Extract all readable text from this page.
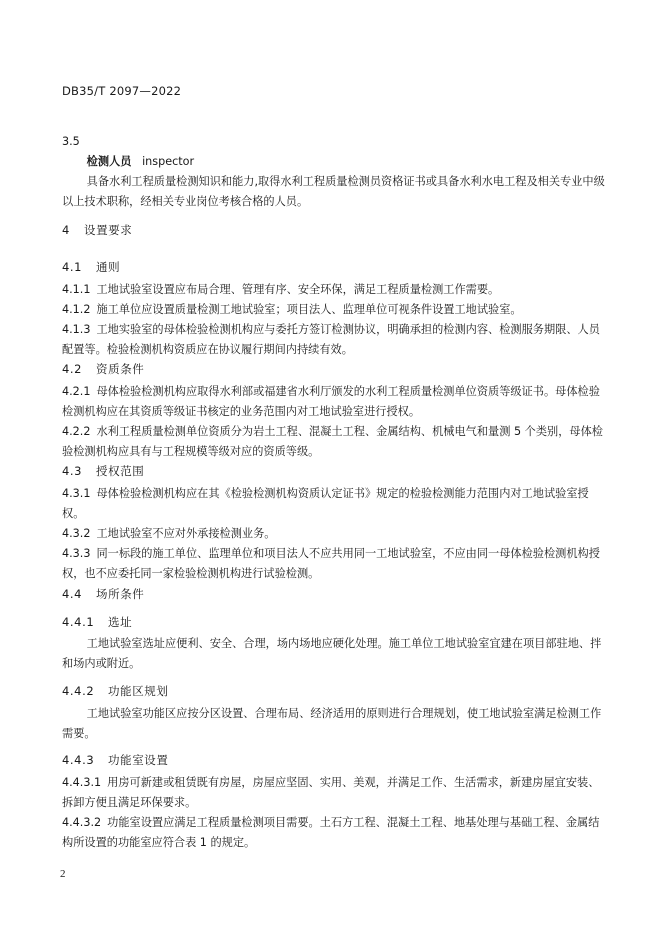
DB35/T 2097—2022
3.5
检测人员 inspector
具备水利工程质量检测知识和能力,取得水利工程质量检测员资格证书或具备水利水电工程及相关专业中级以上技术职称，经相关专业岗位考核合格的人员。
4 设置要求
4.1 通则
4.1.1 工地试验室设置应布局合理、管理有序、安全环保，满足工程质量检测工作需要。
4.1.2 施工单位应设置质量检测工地试验室；项目法人、监理单位可视条件设置工地试验室。
4.1.3 工地实验室的母体检验检测机构应与委托方签订检测协议，明确承担的检测内容、检测服务期限、人员配置等。检验检测机构资质应在协议履行期间内持续有效。
4.2 资质条件
4.2.1 母体检验检测机构应取得水利部或福建省水利厅颁发的水利工程质量检测单位资质等级证书。母体检验检测机构应在其资质等级证书核定的业务范围内对工地试验室进行授权。
4.2.2 水利工程质量检测单位资质分为岩土工程、混凝土工程、金属结构、机械电气和量测 5 个类别，母体检验检测机构应具有与工程规模等级对应的资质等级。
4.3 授权范围
4.3.1 母体检验检测机构应在其《检验检测机构资质认定证书》规定的检验检测能力范围内对工地试验室授权。
4.3.2 工地试验室不应对外承接检测业务。
4.3.3 同一标段的施工单位、监理单位和项目法人不应共用同一工地试验室，不应由同一母体检验检测机构授权，也不应委托同一家检验检测机构进行试验检测。
4.4 场所条件
4.4.1 选址
工地试验室选址应便利、安全、合理，场内场地应硬化处理。施工单位工地试验室宜建在项目部驻地、拌和场内或附近。
4.4.2 功能区规划
工地试验室功能区应按分区设置、合理布局、经济适用的原则进行合理规划，使工地试验室满足检测工作需要。
4.4.3 功能室设置
4.4.3.1 用房可新建或租赁既有房屋，房屋应坚固、实用、美观，并满足工作、生活需求，新建房屋宜安装、拆卸方便且满足环保要求。
4.4.3.2 功能室设置应满足工程质量检测项目需要。土石方工程、混凝土工程、地基处理与基础工程、金属结构所设置的功能室应符合表 1 的规定。
2
